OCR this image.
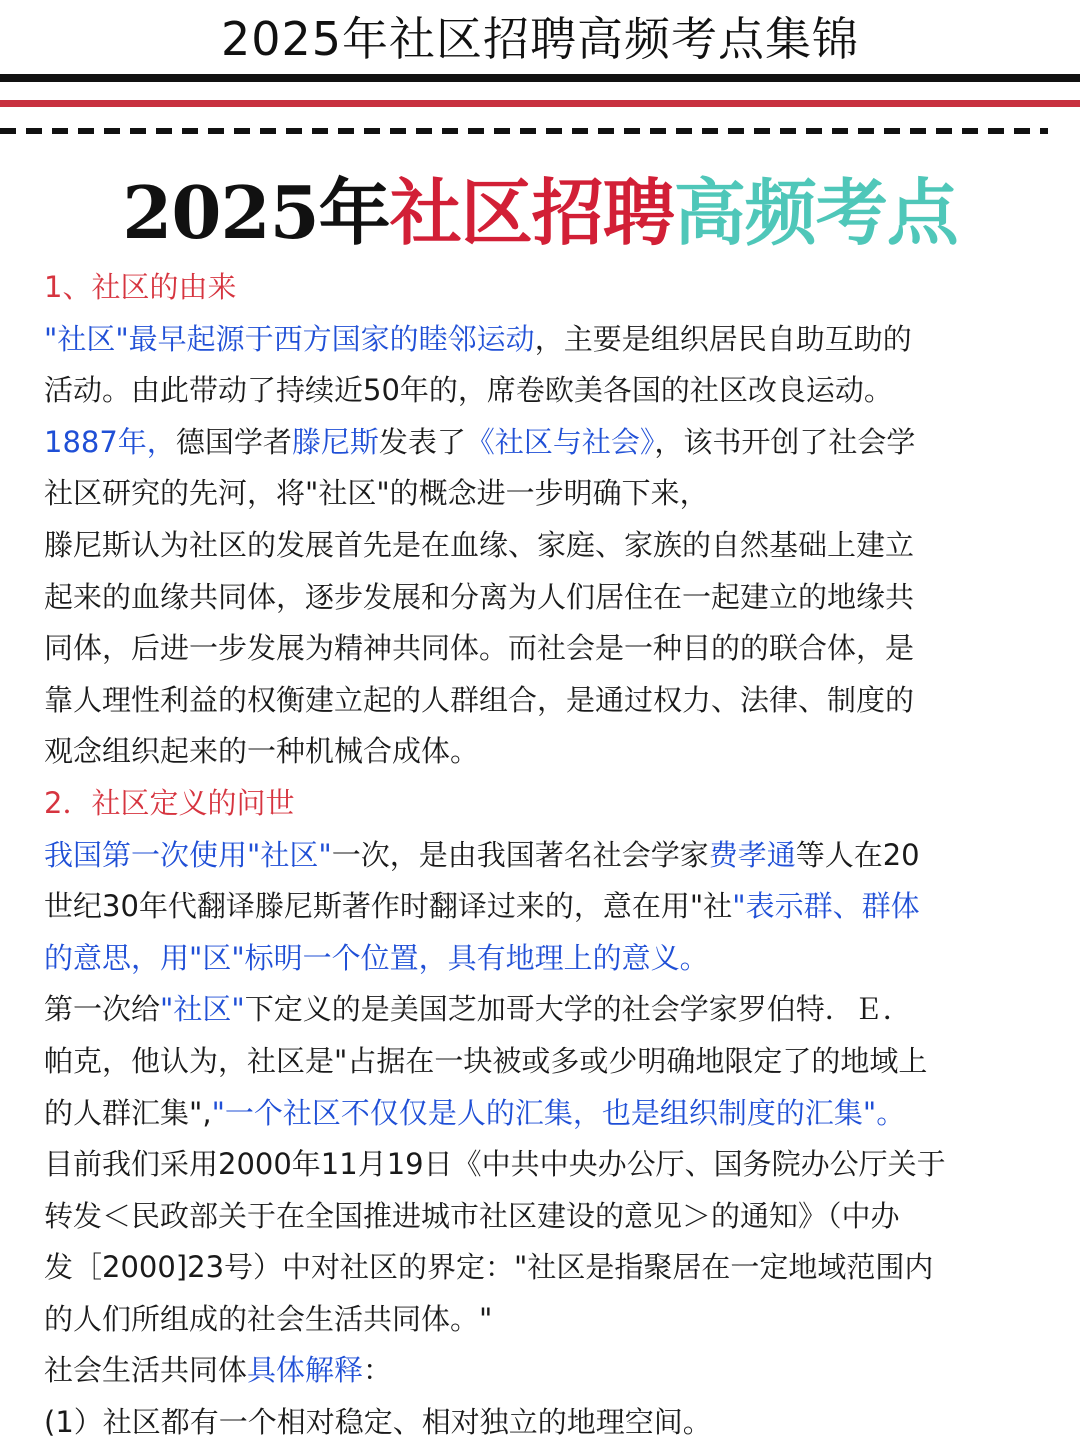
2025年社区招聘高频考点集锦
2025年社区招聘高频考点
1、社区的由来
"社区"最早起源于西方国家的睦邻运动，主要是组织居民自助互助的
活动。由此带动了持续近50年的，席卷欧美各国的社区改良运动。
1887年，德国学者滕尼斯发表了《社区与社会》，该书开创了社会学
社区研究的先河，将"社区"的概念进一步明确下来，
滕尼斯认为社区的发展首先是在血缘、家庭、家族的自然基础上建立
起来的血缘共同体，逐步发展和分离为人们居住在一起建立的地缘共
同体，后进一步发展为精神共同体。而社会是一种目的的联合体，是
靠人理性利益的权衡建立起的人群组合，是通过权力、法律、制度的
观念组织起来的一种机械合成体。
2．社区定义的问世
我国第一次使用"社区"一次，是由我国著名社会学家费孝通等人在20
世纪30年代翻译滕尼斯著作时翻译过来的，意在用"社"表示群、群体
的意思，用"区"标明一个位置，具有地理上的意义。
第一次给"社区"下定义的是美国芝加哥大学的社会学家罗伯特．Ｅ．
帕克，他认为，社区是"占据在一块被或多或少明确地限定了的地域上
的人群汇集","一个社区不仅仅是人的汇集，也是组织制度的汇集"。
目前我们采用2000年11月19日《中共中央办公厅、国务院办公厅关于
转发＜民政部关于在全国推进城市社区建设的意见＞的通知》（中办
发［2000]23号）中对社区的界定："社区是指聚居在一定地域范围内
的人们所组成的社会生活共同体。"
社会生活共同体具体解释：
(1）社区都有一个相对稳定、相对独立的地理空间。
